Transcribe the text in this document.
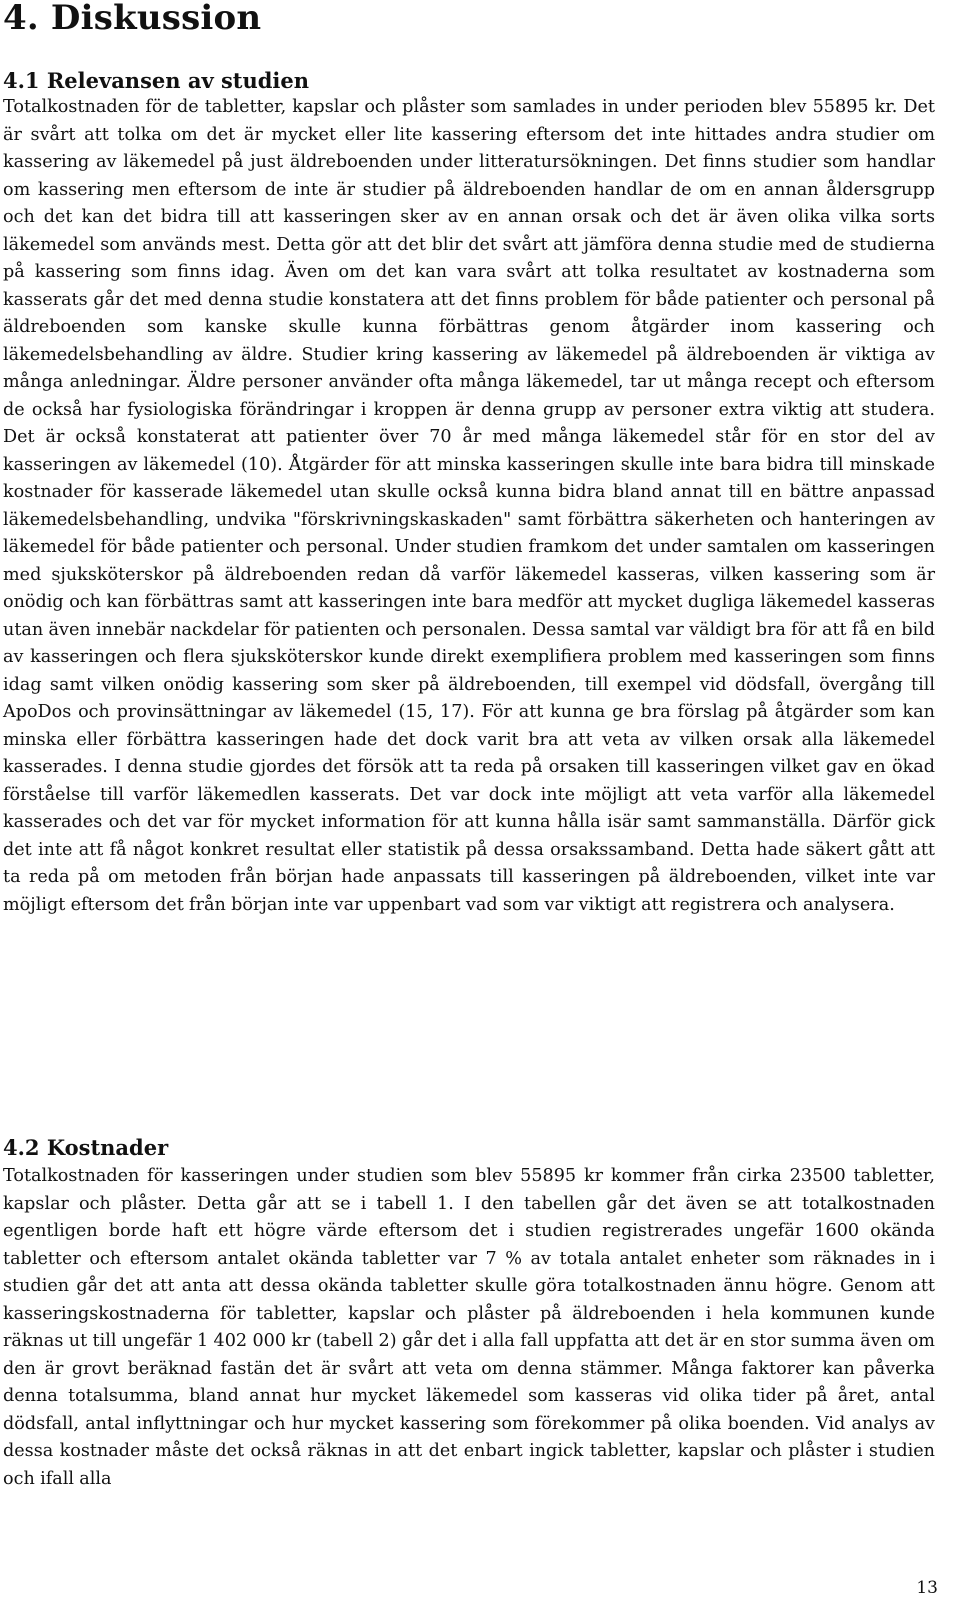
4. Diskussion
4.1 Relevansen av studien

Totalkostnaden för de tabletter, kapslar och plåster som samlades in under perioden blev 55895 kr. Det är svårt att tolka om det är mycket eller lite kassering eftersom det inte hittades andra studier om kassering av läkemedel på just äldreboenden under litteratursökningen. Det finns studier som handlar om kassering men eftersom de inte är studier på äldreboenden handlar de om en annan åldersgrupp och det kan det bidra till att kasseringen sker av en annan orsak och det är även olika vilka sorts läkemedel som används mest. Detta gör att det blir det svårt att jämföra denna studie med de studierna på kassering som finns idag. Även om det kan vara svårt att tolka resultatet av kostnaderna som kasserats går det med denna studie konstatera att det finns problem för både patienter och personal på äldreboenden som kanske skulle kunna förbättras genom åtgärder inom kassering och läkemedelsbehandling av äldre. Studier kring kassering av läkemedel på äldreboenden är viktiga av många anledningar. Äldre personer använder ofta många läkemedel, tar ut många recept och eftersom de också har fysiologiska förändringar i kroppen är denna grupp av personer extra viktig att studera. Det är också konstaterat att patienter över 70 år med många läkemedel står för en stor del av kasseringen av läkemedel (10). Åtgärder för att minska kasseringen skulle inte bara bidra till minskade kostnader för kasserade läkemedel utan skulle också kunna bidra bland annat till en bättre anpassad läkemedelsbehandling, undvika "förskrivningskaskaden" samt förbättra säkerheten och hanteringen av läkemedel för både patienter och personal. Under studien framkom det under samtalen om kasseringen med sjuksköterskor på äldreboenden redan då varför läkemedel kasseras, vilken kassering som är onödig och kan förbättras samt att kasseringen inte bara medför att mycket dugliga läkemedel kasseras utan även innebär nackdelar för patienten och personalen. Dessa samtal var väldigt bra för att få en bild av kasseringen och flera sjuksköterskor kunde direkt exemplifiera problem med kasseringen som finns idag samt vilken onödig kassering som sker på äldreboenden, till exempel vid dödsfall, övergång till ApoDos och provinsättningar av läkemedel (15, 17). För att kunna ge bra förslag på åtgärder som kan minska eller förbättra kasseringen hade det dock varit bra att veta av vilken orsak alla läkemedel kasserades. I denna studie gjordes det försök att ta reda på orsaken till kasseringen vilket gav en ökad förståelse till varför läkemedlen kasserats. Det var dock inte möjligt att veta varför alla läkemedel kasserades och det var för mycket information för att kunna hålla isär samt sammanställa. Därför gick det inte att få något konkret resultat eller statistik på dessa orsakssamband. Detta hade säkert gått att ta reda på om metoden från början hade anpassats till kasseringen på äldreboenden, vilket inte var möjligt eftersom det från början inte var uppenbart vad som var viktigt att registrera och analysera.

4.2 Kostnader

Totalkostnaden för kasseringen under studien som blev 55895 kr kommer från cirka 23500 tabletter, kapslar och plåster. Detta går att se i tabell 1. I den tabellen går det även se att totalkostnaden egentligen borde haft ett högre värde eftersom det i studien registrerades ungefär 1600 okända tabletter och eftersom antalet okända tabletter var 7 % av totala antalet enheter som räknades in i studien går det att anta att dessa okända tabletter skulle göra totalkostnaden ännu högre. Genom att kasseringskostnaderna för tabletter, kapslar och plåster på äldreboenden i hela kommunen kunde räknas ut till ungefär 1 402 000 kr (tabell 2) går det i alla fall uppfatta att det är en stor summa även om den är grovt beräknad fastän det är svårt att veta om denna stämmer. Många faktorer kan påverka denna totalsumma, bland annat hur mycket läkemedel som kasseras vid olika tider på året, antal dödsfall, antal inflyttningar och hur mycket kassering som förekommer på olika boenden. Vid analys av dessa kostnader måste det också räknas in att det enbart ingick tabletter, kapslar och plåster i studien och ifall alla

13
